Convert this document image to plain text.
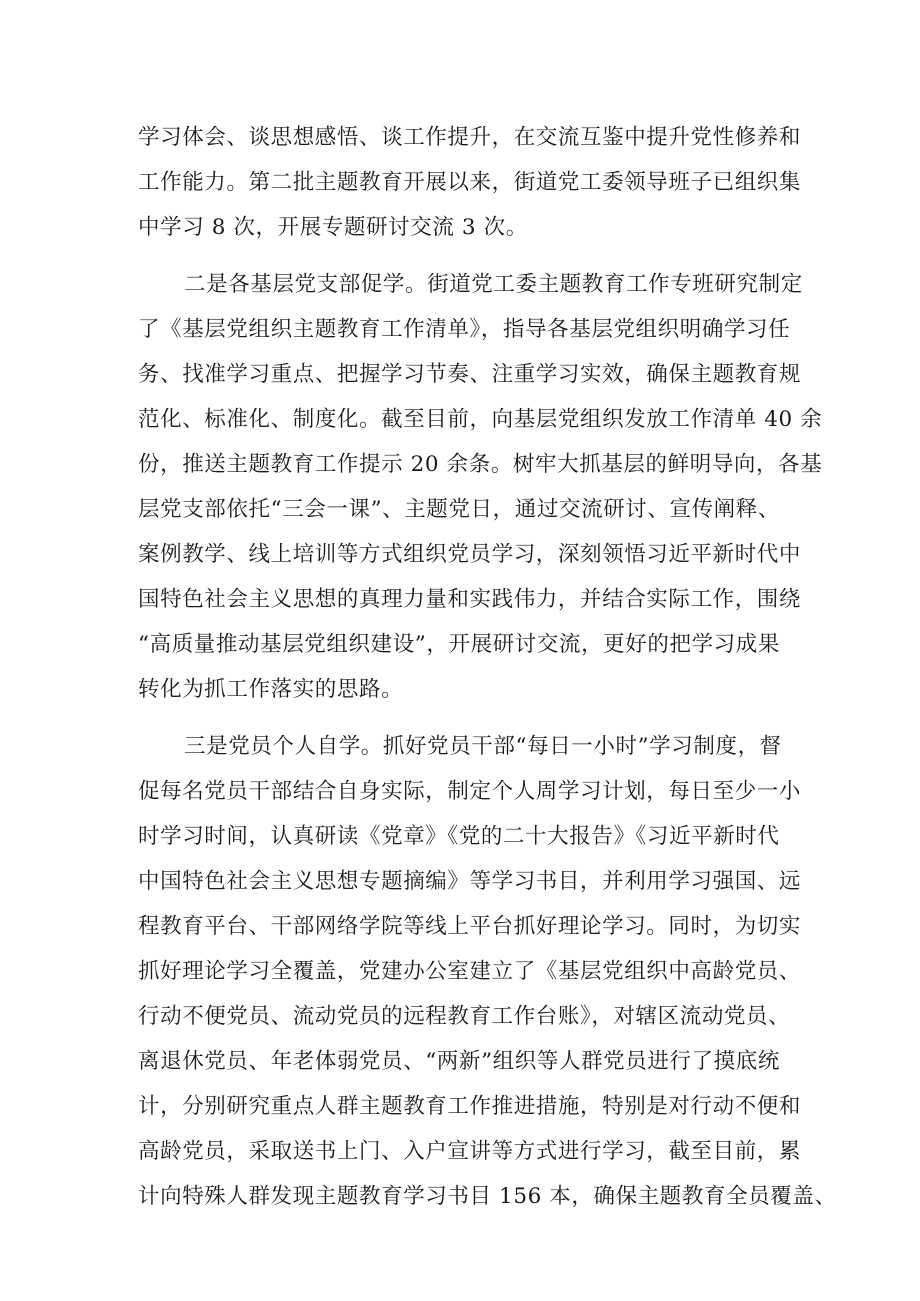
学习体会、谈思想感悟、谈工作提升，在交流互鉴中提升党性修养和
工作能力。第二批主题教育开展以来，街道党工委领导班子已组织集
中学习 8 次，开展专题研讨交流 3 次。
二是各基层党支部促学。街道党工委主题教育工作专班研究制定
了《基层党组织主题教育工作清单》，指导各基层党组织明确学习任
务、找准学习重点、把握学习节奏、注重学习实效，确保主题教育规
范化、标准化、制度化。截至目前，向基层党组织发放工作清单 40 余
份，推送主题教育工作提示 20 余条。树牢大抓基层的鲜明导向，各基
层党支部依托“三会一课”、主题党日，通过交流研讨、宣传阐释、
案例教学、线上培训等方式组织党员学习，深刻领悟习近平新时代中
国特色社会主义思想的真理力量和实践伟力，并结合实际工作，围绕
“高质量推动基层党组织建设”，开展研讨交流，更好的把学习成果
转化为抓工作落实的思路。
三是党员个人自学。抓好党员干部“每日一小时”学习制度，督
促每名党员干部结合自身实际，制定个人周学习计划，每日至少一小
时学习时间，认真研读《党章》《党的二十大报告》《习近平新时代
中国特色社会主义思想专题摘编》等学习书目，并利用学习强国、远
程教育平台、干部网络学院等线上平台抓好理论学习。同时，为切实
抓好理论学习全覆盖，党建办公室建立了《基层党组织中高龄党员、
行动不便党员、流动党员的远程教育工作台账》，对辖区流动党员、
离退休党员、年老体弱党员、“两新”组织等人群党员进行了摸底统
计，分别研究重点人群主题教育工作推进措施，特别是对行动不便和
高龄党员，采取送书上门、入户宣讲等方式进行学习，截至目前，累
计向特殊人群发现主题教育学习书目 156 本，确保主题教育全员覆盖、
